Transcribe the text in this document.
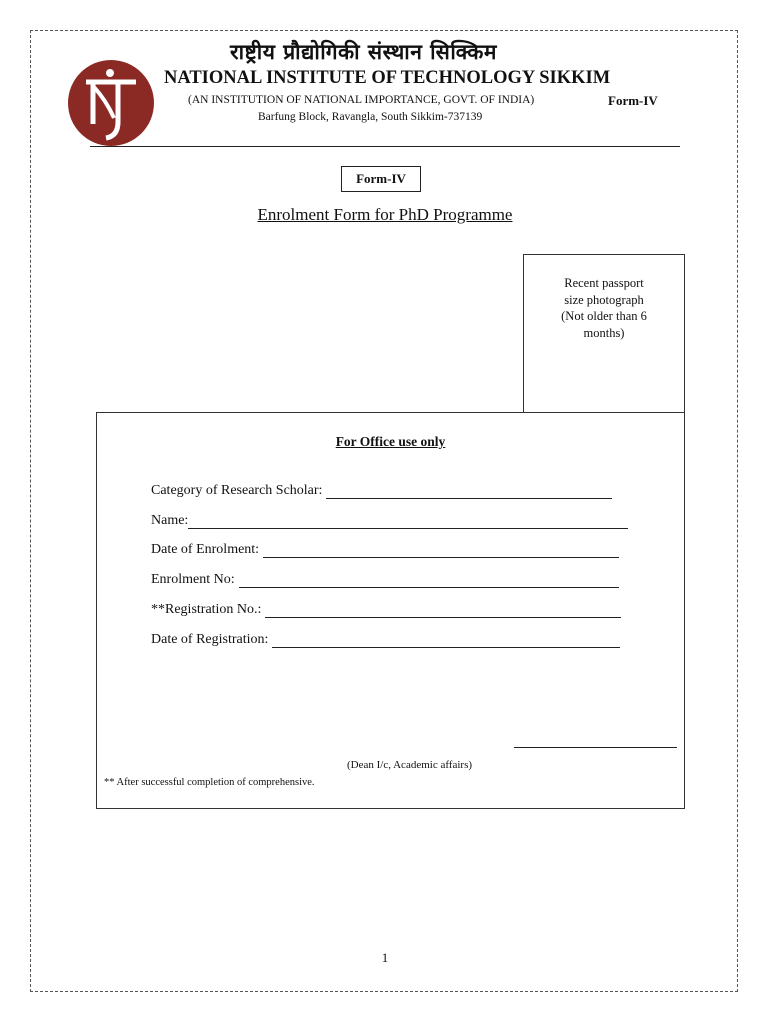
राष्ट्रीय प्रौद्योगिकी संस्थान सिक्किम
NATIONAL INSTITUTE OF TECHNOLOGY SIKKIM
(AN INSTITUTION OF NATIONAL IMPORTANCE, GOVT. OF INDIA)	Form-IV
Barfung Block, Ravangla, South Sikkim-737139
Form-IV
Enrolment Form for PhD Programme
Recent passport
size photograph
(Not older than 6
months)
For Office use only
Category of Research Scholar:
Name:
Date of Enrolment:
Enrolment No:
**Registration No.:
Date of Registration:
(Dean I/c, Academic affairs)
** After successful completion of comprehensive.
1
